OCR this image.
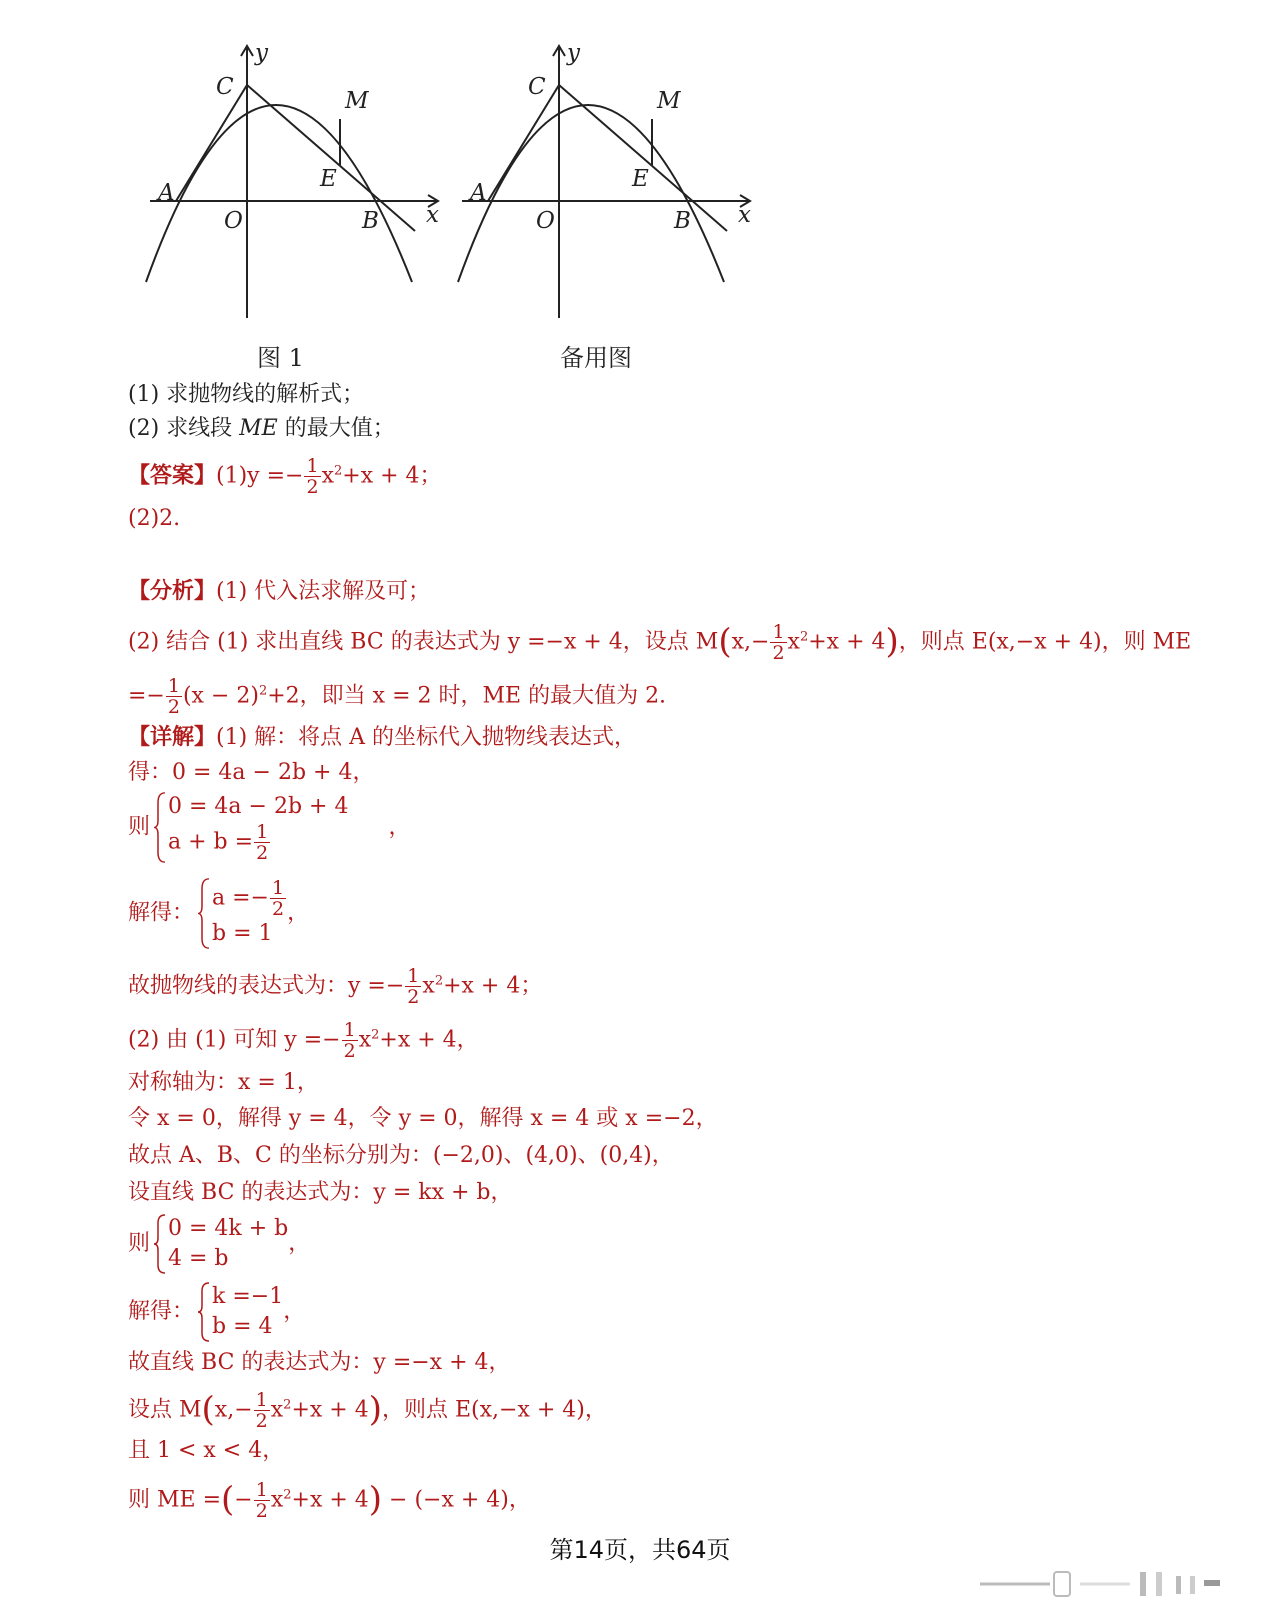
y
x
C
M
E
A
O	B
图 1
y
x
C
M
E
A
O	B
备用图
(1) 求抛物线的解析式；
(2) 求线段 ME 的最大值；
【答案】$(1)y =- \frac{1}{2} x^2+x + 4$；
(2)2.
【分析】(1) 代入法求解及可；
(2) 结合 (1) 求出直线 BC 的表达式为 y =−x + 4，设点 $M(x,- \frac{1}{2} x^2+x + 4)$，则点 E(x,−x + 4)，则 ME
=− $\frac{1}{2} (x - 2)^2+2$，即当 x = 2 时，ME 的最大值为 2.
【详解】(1) 解：将点 A 的坐标代入抛物线表达式，
得：0 = 4a − 2b + 4，
则
0 = 4a − 2b + 4
$a + b = \frac{1}{2}$	，
解得：
$a =- \frac{1}{2}$
b = 1
，
故抛物线的表达式为：$y =- \frac{1}{2} x^2+x + 4$；
(2) 由 (1) 可知 $y =- \frac{1}{2} x^2+x + 4$，
对称轴为：x = 1，
令 x = 0，解得 y = 4，令 y = 0，解得 x = 4 或 x =−2，
故点 A、B、C 的坐标分别为：(−2,0)、(4,0)、(0,4)，
设直线 BC 的表达式为：y = kx + b，
则
0 = 4k + b
4 = b
，
解得：
k =−1
b = 4
，
故直线 BC 的表达式为：y =−x + 4，
设点 $M(x,- \frac{1}{2} x^2+x + 4)$，则点 E(x,−x + 4)，
且 1 < x < 4，
则 ME =(− $\frac{1}{2} x^2+x + 4) - (-x + 4)$，
第14页，共64页
